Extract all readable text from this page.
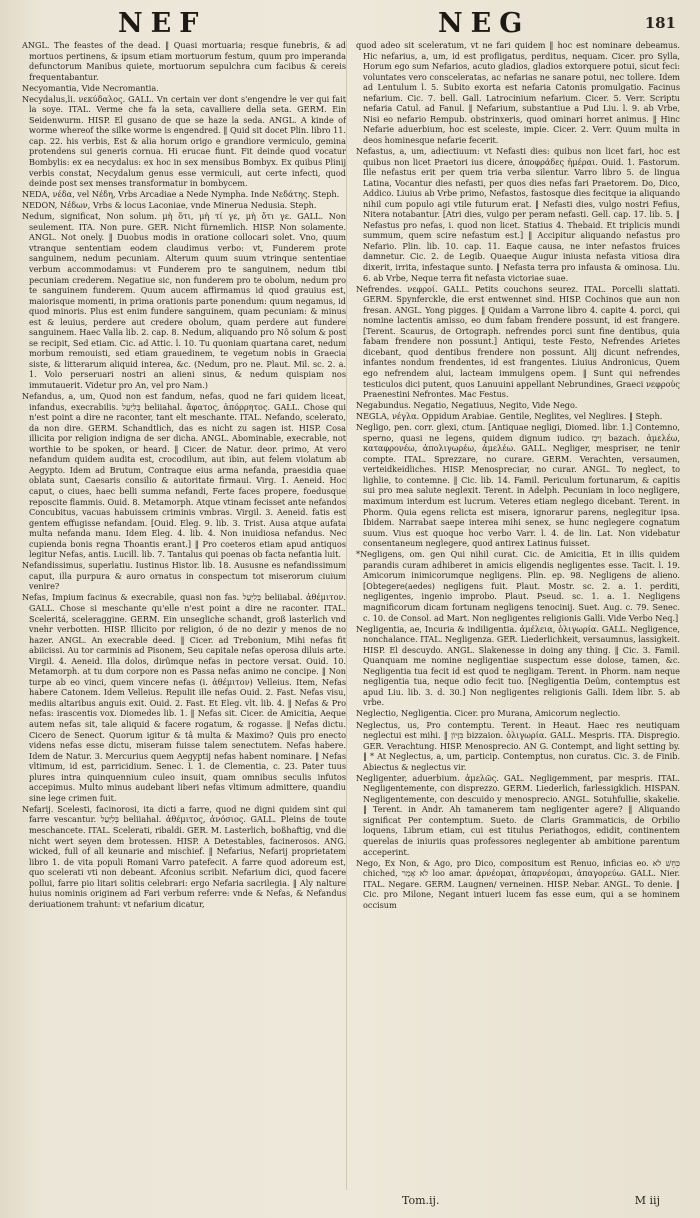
NEF	NEG	181

ANGL. The feastes of the dead. ‖ Quasi mortuaria; resque funebris, & ad mortuos pertinens, & ipsum etiam mortuorum festum, quum pro imperanda defunctorum Manibus quiete, mortuorum sepulchra cum facibus & cereis frequentabantur.

Necyomantia, Vide Necromantia.

Necydalus,li. νεκύδαλος. GALL. Vn certain ver dont s'engendre le ver qui fait la soye. ITAL. Verme che fa la seta, cavalliere della seta. GERM. Ein Seidenwurm. HISP. El gusano de que se haze la seda. ANGL. A kinde of worme whereof the silke worme is engendred. ‖ Quid sit docet Plin. libro 11. cap. 22. his verbis, Est & alia horum origo e grandiore vermiculo, gemina protendens sui generis cornua. Hi erucae fiunt. Fit deinde quod vocatur Bombylis: ex ea necydalus: ex hoc in sex mensibus Bombyx. Ex quibus Plinij verbis constat, Necydalum genus esse vermiculi, aut certe infecti, quod deinde post sex menses transformatur in bombycem.

NEDA, νέδα, vel Νέδη, Vrbs Arcadiae a Nede Nympha. Inde Νεδάτης. Steph.

NEDON, Νέδων, Vrbs & locus Laconiae, vnde Minerua Nedusia. Steph.

Nedum, significat, Non solum. μὴ ὅτι, μὴ τί γε, μὴ ὅτι γε. GALL. Non seulement. ITA. Non pure. GER. Nicht fürnemlich. HISP. Non solamente. ANGL. Not onely. ‖ Duobus modis in oratione collocari solet. Vno, quum vtranque sententiam eodem claudimus verbo: vt, Funderem prote sanguinem, nedum pecuniam. Alterum quum suum vtrinque sententiae verbum accommodamus: vt Funderem pro te sanguinem, nedum tibi pecuniam crederem. Negatiue sic, non funderem pro te obolum, nedum pro te sanguinem funderem. Quum aucem affirmamus id quod grauius est, maiorisque momenti, in prima orationis parte ponendum: quum negamus, id quod minoris. Plus est enim fundere sanguinem, quam pecuniam: & minus est & leuius, perdere aut credere obolum, quam perdere aut fundere sanguinem. Haec Valla lib. 2. cap. 8. Nedum, aliquando pro Nô solum & post se recipit, Sed etiam. Cic. ad Attic. l. 10. Tu quoniam quartana caret, nedum morbum remouisti, sed etiam grauedinem, te vegetum nobis in Graecia siste, & litterarum aliquid interea, &c. (Nedum, pro ne. Plaut. Mil. sc. 2. a. 1. Volo perseruari nostri an alieni sinus, & nedum quispiam nos immutauerit. Videtur pro An, vel pro Nam.)

Nefandus, a, um, Quod non est fandum, nefas, quod ne fari quidem liceat, infandus, execrabilis. בְּלִיַּעַל beliiahal. ἄφατος, ἀπόρρητος. GALL. Chose qui n'est point a dire ne raconter, tant elt meschante. ITAL. Nefando, scelerato, da non dire. GERM. Schandtlich, das es nicht zu sagen ist. HISP. Cosa illicita por religion indigna de ser dicha. ANGL. Abominable, execrable, not worthie to be spoken, or heard. ‖ Cicer. de Natur. deor. primo, At vero nefandum quidem audita est, crocodilum, aut ibin, aut felem violatum ab Aegypto. Idem ad Brutum, Contraque eius arma nefanda, praesidia quae oblata sunt, Caesaris consilio & autoritate firmaui. Virg. 1. Aeneid. Hoc caput, o ciues, haec belli summa nefandi, Ferte faces propere, foedusque reposcite flammis. Ouid. 8. Metamorph. Atque vtinam fecisset ante nefandos Concubitus, vacuas habuissem criminis vmbras. Virgil. 3. Aeneid. fatis est gentem effugisse nefandam. [Ouid. Eleg. 9. lib. 3. Trist. Ausa atque aufata multa nefanda manu. Idem Eleg. 4. lib. 4. Non inuidiosa nefandus. Nec cupienda bonis regna Thoantis erant.] ‖ Pro coeteros etiam apud antiquos legitur Nefas, antis. Lucill. lib. 7. Tantalus qui poenas ob facta nefantia luit.

Nefandissimus, superlatiu. Iustinus Histor. lib. 18. Aususne es nefandissimum caput, illa purpura & auro ornatus in conspectum tot miserorum ciuium venire?

Nefas, Impium facinus & execrabile, quasi non fas. בְּלִיַּעַל beliiabal. ἀθέμιτον. GALL. Chose si meschante qu'elle n'est point a dire ne raconter. ITAL. Sceleritá, sceleraggine. GERM. Ein unsegliche schandt, groß lasterlich vnd vnehr verbotten. HISP. Illicito por religion, ó de no dezir y menos de no hazer. ANGL. An execrable deed. ‖ Cicer. ad Trebonium, Mihi nefas fit abiicissi. Au tor carminis ad Pisonem, Seu capitale nefas operosa diluis arte. Virgil. 4. Aeneid. Illa dolos, dirûmque nefas in pectore versat. Ouid. 10. Metamorph. at tu dum corpore non es Passa nefas animo ne concipe. ‖ Non turpe ab eo vinci, quem vincere nefas (i. ἀθέμιτον) Velleius. Item, Nefas habere Catonem. Idem Velleius. Repulit ille nefas Ouid. 2. Fast. Nefas visu, mediis altaribus anguis exit. Ouid. 2. Fast. Et Eleg. vlt. lib. 4. ‖ Nefas & Pro nefas: irascentis vox. Diomedes lib. 1. ‖ Nefas sit. Cicer. de Amicitia, Aeque autem nefas sit, tale aliquid & facere rogatum, & rogasse. ‖ Nefas dictu. Cicero de Senect. Quorum igitur & tâ multa & Maximo? Quis pro enecto videns nefas esse dictu, miseram fuisse talem senectutem. Nefas habere. Idem de Natur. 3. Mercurius quem Aegyptij nefas habent nominare. ‖ Nefas vltimum, id est, parricidium. Senec. l. 1. de Clementia, c. 23. Pater tuus plures intra quinquennium culeo insuit, quam omnibus seculis infutos accepimus. Multo minus audebant liberi nefas vltimum admittere, quandiu sine lege crimen fuit.

Nefarij. Scelesti, facinorosi, ita dicti a farre, quod ne digni quidem sint qui farre vescantur. בְּלִיַּעַל beliiahal. ἀθέμιτος, ἀνόσιος. GALL. Pleins de toute meschancete. ITAL. Scelerati, ribaldi. GER. M. Lasterlich, boßhaftig, vnd die nicht wert seyen dem brotessen. HISP. A Detestables, facinerosos. ANG. wicked, full of all keunarie and mischief. ‖ Nefarius, Nefarij proprietatem libro 1. de vita populi Romani Varro patefecit. A farre quod adoreum est, quo scelerati vti non debeant. Afconius scribit. Nefarium dici, quod facere pollui, farre pio litari solitis celebrari: ergo Nefaria sacrilegia. ‖ Aly nalture huius nominis originem ad Fari verbum referre: vnde & Nefas, & Nefandus deriuationem trahunt: vt nefarium dicatur,

quod adeo sit sceleratum, vt ne fari quidem ‖ hoc est nominare debeamus. Hic nefarius, a, um, id est profligatus, perditus, nequam. Cicer. pro Sylla, Horum ego sum Nefarios, acuto gladios, gladios extorquere potui, sicut feci: voluntates vero consceleratas, ac nefarias ne sanare potui, nec tollere. Idem ad Lentulum l. 5. Subito exorta est nefaria Catonis promulgatio. Facinus nefarium. Cic. 7. bell. Gall. Latrocinium nefarium. Cicer. 5. Verr. Scriptu nefaria Catul. ad Fanul. ‖ Nefarium, substantiue a Pud Liu. l. 9. ab Vrbe, Nisi eo nefario Rempub. obstrinxeris, quod ominari horret animus. ‖ Hinc Nefarie aduerbium, hoc est sceleste, impie. Cicer. 2. Verr. Quum multa in deos hominesque nefarie fecerit.

Nefastus, a, um, adiectiuum: vt Nefasti dies: quibus non licet fari, hoc est quibus non licet Praetori ius dicere, ἀποφράδες ἡμέραι. Ouid. 1. Fastorum. Ille nefastus erit per quem tria verba silentur. Varro libro 5. de lingua Latina, Vocantur dies nefasti, per quos dies nefas fari Praetorem. Do, Dico, Addico. Liuius ab Vrbe primo, Nefastos, fastosque dies fecitque ia aliquando nihil cum populo agi vtile futurum erat. ‖ Nefasti dies, vulgo nostri Fefius, Nitera notabantur. [Atri dies, vulgo per peram nefasti. Gell. cap. 17. lib. 5. ‖ Nefastus pro nefas, i. quod non licet. Statius 4. Thebaid. Et triplicis mundi summum, quem scire nefastum est.] ‖ Accipitur aliquando nefastus pro Nefario. Plin. lib. 10. cap. 11. Eaque causa, ne inter nefastos fruices damnetur. Cic. 2. de Legib. Quaeque Augur iniusta nefasta vitiosa dira dixerit, irrita, infestaque sunto. ‖ Nefasta terra pro infausta & ominosa. Liu. 6. ab Vrbe, Neque terra fit nefasta victoriae suae.

Nefrendes. νεφροί. GALL. Petits couchons seurez. ITAL. Porcelli slattati. GERM. Spynferckle, die erst entwennet sind. HISP. Cochinos que aun non fresan. ANGL. Yong pigges. ‖ Quidam a Varrone libro 4. capite 4. porci, qui nomine lactentis amisso, eo dum fabam frendere possunt, id est frangere. [Terent. Scaurus, de Ortograph. nefrendes porci sunt fine dentibus, quia fabam frendere non possunt.] Antiqui, teste Festo, Nefrendes Arietes dicebant, quod dentibus frendere non possunt. Alij dicunt nefrendes, infantes nondum frendentes, id est frangentes. Liuius Andronicus, Quem ego nefrendem alui, lacteam immulgens opem. ‖ Sunt qui nefrendes testiculos dici putent, quos Lanuuini appellant Nebrundines, Graeci νεφροὺς Praenestini Nefrontes. Mac Festus.

Negabundus. Negatio, Negatiuus, Negito, Vide Nego.

NEGLA, νέγλα. Oppidum Arabiae. Gentile, Neglites, vel Neglires. ‖ Steph.

Negligo, pen. corr. glexi, ctum. [Antiquae negligi, Diomed. libr. 1.] Contemno, sperno, quasi ne legens, quidem dignum iudico. וַיִּבֶז bazach. ἀμελέω, καταφρονέω, ἀπολιγωρέω, ἀμελέω. GALL. Negliger, mespriser, ne tenir compte. ITAL. Sprezzare, no curare. GERM. Verachten, versaumen, verteidkeidliches. HISP. Menospreciar, no curar. ANGL. To neglect, to lighlie, to contemne. ‖ Cic. lib. 14. Famil. Periculum fortunarum, & capitis sui pro mea salute neglexit. Terent. in Adelph. Pecuniam in loco negligere, maximum interdum est lucrum. Veteres etiam neglego dicebant. Terent. in Phorm. Quia egens relicta est misera, ignorarur parens, neglegitur ipsa. Ibidem. Narrabat saepe interea mihi senex, se hunc neglegere cognatum suum. Vius est quoque hoc verbo Varr. l. 4. de lin. Lat. Non videbatur consentaneum neglegere, quod antirex Latinus fuisset.

*Negligens, om. gen Qui nihil curat. Cic. de Amicitia, Et in illis quidem parandis curam adhiberet in amicis eligendis negligentes esse. Tacit. l. 19. Amicorum inimicorumque negligens. Plin. ep. 98. Negligens de alieno. [Obtegere(aedes) negligens fuit. Plaut. Mostr. sc. 2. a. 1. perditi, negligentes, ingenio improbo. Plaut. Pseud. sc. 1. a. 1. Negligens magnificorum dicam fortunam negligens tenocinij. Suet. Aug. c. 79. Senec. c. 10. de Consol. ad Mart. Non negligentes religionis Galli. Vide Verbo Neq.]

Negligentia, ae, Incuria & indiligentia. ἀμέλεια, ὀλιγωρία. GALL. Negligence, nonchalance. ITAL. Negligenza. GER. Liederlichkeit, versaumnus, lassigkeit. HISP. El descuydo. ANGL. Slakenesse in doing any thing. ‖ Cic. 3. Famil. Quanquam me nomine negligentiae suspectum esse dolose, tamen, &c. Negligentia tua fecit id est quod te negligam. Terent. in Phorm. nam neque negligentia tua, neque odio fecit tuo. [Negligentia Deûm, contemptus est apud Liu. lib. 3. d. 30.] Non negligentes religionis Galli. Idem libr. 5. ab vrbe.

Neglectio, Negligentia. Cicer. pro Murana, Amicorum neglectio.

Neglectus, us, Pro contemptu. Terent. in Heaut. Haec res neutiquam neglectui est mihi. ‖ בִּזָּיוֹן bizzaion. ὀλιγωρία. GALL. Mespris. ITA. Dispregio. GER. Verachtung. HISP. Menosprecio. AN G. Contempt, and light setting by. ‖ * At Neglectus, a, um, particip. Contemptus, non curatus. Cic. 3. de Finib. Abiectus & neglectus vir.

Negligenter, aduerbium. ἀμελῶς. GAL. Negligemment, par mespris. ITAL. Negligentemente, con disprezzo. GERM. Liederlich, farlessigklich. HISPAN. Negligentemente, con descuido y menosprecio. ANGL. Sotuhfullie, skakelie. ‖ Terent. in Andr. Ah tamanerem tam negligenter agere? ‖ Aliquando significat Per contemptum. Sueto. de Claris Grammaticis, de Orbilio loquens, Librum etiam, cui est titulus Periathogos, edidit, continentem querelas de iniuriis quas professores neglegenter ab ambitione parentum acceperint.

Nego, Ex Non, & Ago, pro Dico, compositum est Renuo, inficias eo. כִּחֵשׁ לֹא chiched, לֹא אָמַר loo amar. ἀρνέομαι, ἀπαρνέομαι, ἀπαγορεύω. GALL. Nier. ITAL. Negare. GERM. Laugnen/ verneinen. HISP. Nebar. ANGL. To denie. ‖ Cic. pro Milone, Negant intueri lucem fas esse eum, qui a se hominem occisum

Tom.ij.	M iij
